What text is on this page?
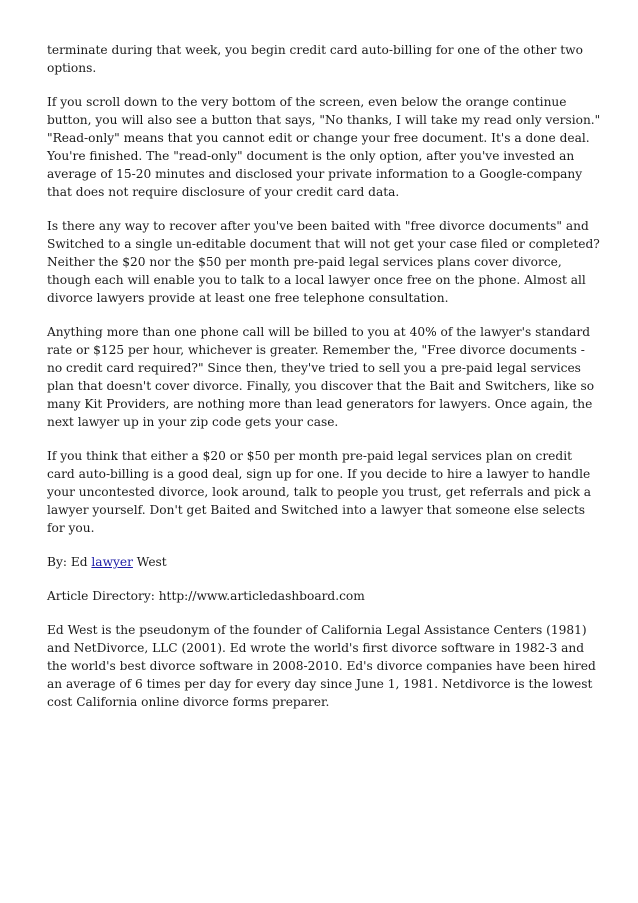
terminate during that week, you begin credit card auto-billing for one of the other two options.

If you scroll down to the very bottom of the screen, even below the orange continue button, you will also see a button that says, "No thanks, I will take my read only version." "Read-only" means that you cannot edit or change your free document. It's a done deal. You're finished. The "read-only" document is the only option, after you've invested an average of 15-20 minutes and disclosed your private information to a Google-company that does not require disclosure of your credit card data.

Is there any way to recover after you've been baited with "free divorce documents" and Switched to a single un-editable document that will not get your case filed or completed? Neither the $20 nor the $50 per month pre-paid legal services plans cover divorce, though each will enable you to talk to a local lawyer once free on the phone. Almost all divorce lawyers provide at least one free telephone consultation.

Anything more than one phone call will be billed to you at 40% of the lawyer's standard rate or $125 per hour, whichever is greater. Remember the, "Free divorce documents - no credit card required?" Since then, they've tried to sell you a pre-paid legal services plan that doesn't cover divorce. Finally, you discover that the Bait and Switchers, like so many Kit Providers, are nothing more than lead generators for lawyers. Once again, the next lawyer up in your zip code gets your case.

If you think that either a $20 or $50 per month pre-paid legal services plan on credit card auto-billing is a good deal, sign up for one. If you decide to hire a lawyer to handle your uncontested divorce, look around, talk to people you trust, get referrals and pick a lawyer yourself. Don't get Baited and Switched into a lawyer that someone else selects for you.

By: Ed lawyer West

Article Directory: http://www.articledashboard.com

Ed West is the pseudonym of the founder of California Legal Assistance Centers (1981) and NetDivorce, LLC (2001). Ed wrote the world's first divorce software in 1982-3 and the world's best divorce software in 2008-2010. Ed's divorce companies have been hired an average of 6 times per day for every day since June 1, 1981. Netdivorce is the lowest cost California online divorce forms preparer.
